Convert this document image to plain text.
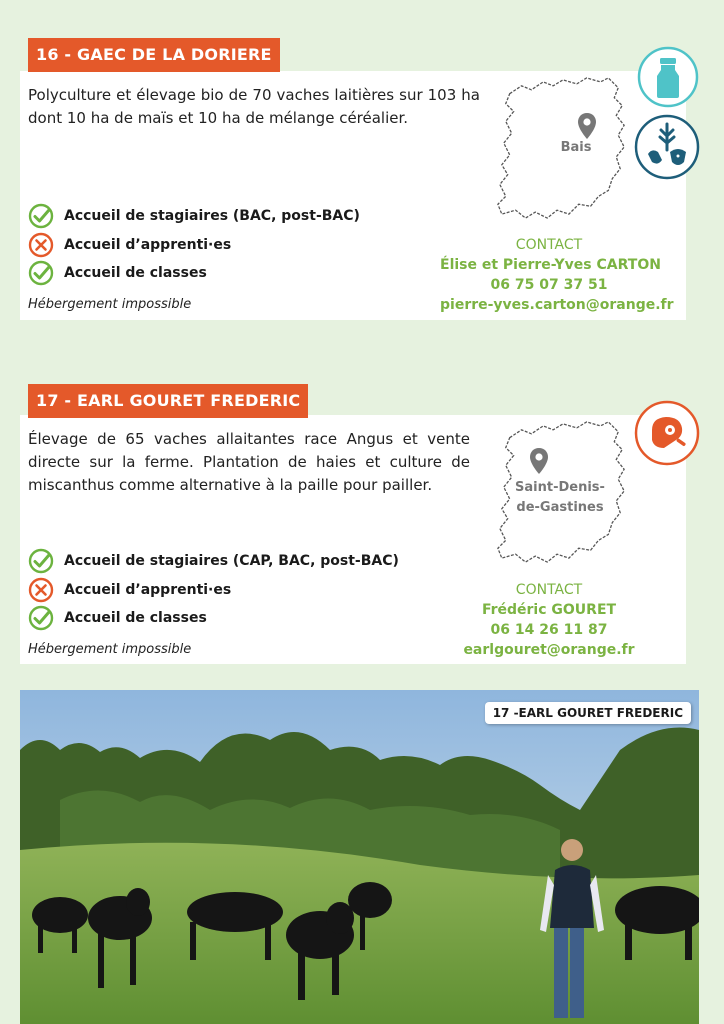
16 - GAEC DE LA DORIERE
Polyculture et élevage bio de 70 vaches laitières sur 103 ha dont 10 ha de maïs et 10 ha de mélange céréalier.
Accueil de stagiaires (BAC, post-BAC)
Accueil d’apprenti·es
Accueil de classes
Hébergement impossible
Bais
CONTACT
Élise et Pierre-Yves CARTON
06 75 07 37 51
pierre-yves.carton@orange.fr
17 - EARL GOURET FREDERIC
Élevage de 65 vaches allaitantes race Angus et vente directe sur la ferme. Plantation de haies et culture de miscanthus comme alternative à la paille pour pailler.
Accueil de stagiaires (CAP, BAC, post-BAC)
Accueil d’apprenti·es
Accueil de classes
Hébergement impossible
Saint-Denis-
de-Gastines
CONTACT
Frédéric GOURET
06 14 26 11 87
earlgouret@orange.fr
17 -EARL GOURET FREDERIC
